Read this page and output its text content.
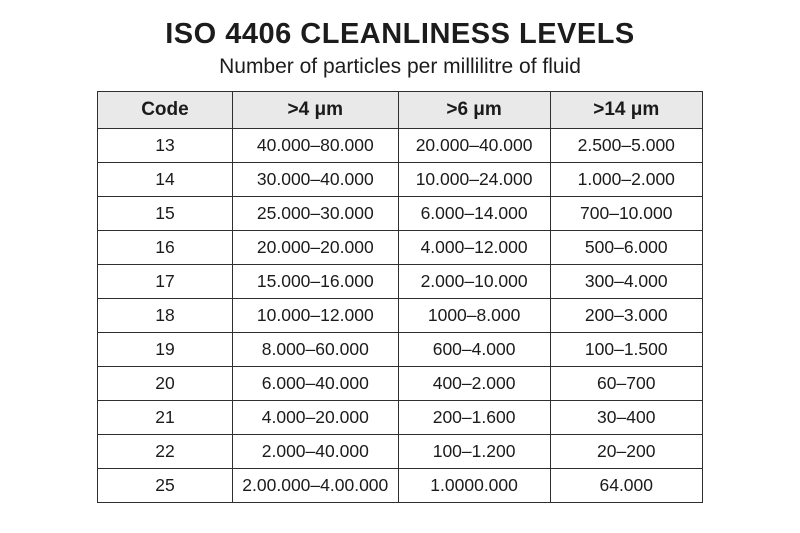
ISO 4406 CLEANLINESS LEVELS

Number of particles per millilitre of fluid

Code	>4 μm	>6 μm	>14 μm
13	40.000–80.000	20.000–40.000	2.500–5.000
14	30.000–40.000	10.000–24.000	1.000–2.000
15	25.000–30.000	6.000–14.000	700–10.000
16	20.000–20.000	4.000–12.000	500–6.000
17	15.000–16.000	2.000–10.000	300–4.000
18	10.000–12.000	1000–8.000	200–3.000
19	8.000–60.000	600–4.000	100–1.500
20	6.000–40.000	400–2.000	60–700
21	4.000–20.000	200–1.600	30–400
22	2.000–40.000	100–1.200	20–200
25	2.00.000–4.00.000	1.0000.000	64.000
